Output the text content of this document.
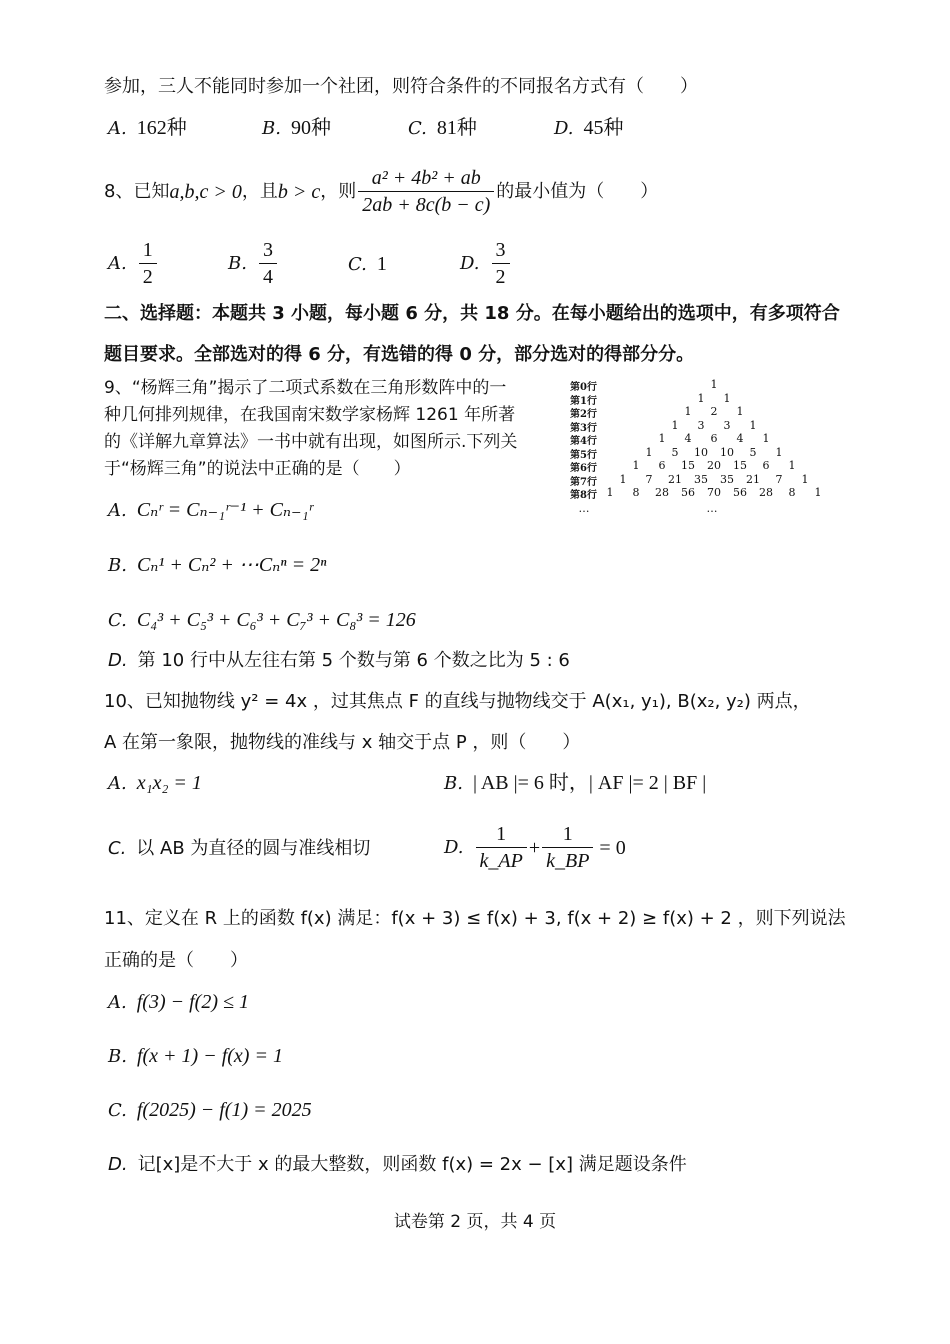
参加，三人不能同时参加一个社团，则符合条件的不同报名方式有（　　）
A. 162种	B. 90种	C. 81种	D. 45种
8、已知 a,b,c > 0 ，且 b > c ，则 $\frac{\text{a² + 4b² + ab}}{2ab + 8c(b - c)}$ 的最小值为（　　）
A. $\frac{1}{2}$	B. $\frac{3}{4}$	C. 1	D. $\frac{3}{2}$
二、选择题：本题共 3 小题，每小题 6 分，共 18 分。在每小题给出的选项中，有多项符合
题目要求。全部选对的得 6 分，有选错的得 0 分，部分选对的得部分分。
9、“杨辉三角”揭示了二项式系数在三角形数阵中的一
种几何排列规律，在我国南宋数学家杨辉 1261 年所著
的《详解九章算法》一书中就有出现，如图所示.下列关
于“杨辉三角”的说法中正确的是（　　）
第0行	1
第1行	1 1
第2行	1 2 1
第3行	1 3 3 1
第4行	1 4 6 4 1
第5行	1 5 10 10 5 1
第6行	1 6 15 20 15 6 1
第7行 1 7 21 35 35 21 7 1
第8行 1 8 28 56 70 56 28 8 1
…	…
A. Cₙʳ = Cₙ₋₁ʳ⁻¹ + Cₙ₋₁ʳ
B. Cₙ¹ + Cₙ² + ⋯Cₙⁿ = 2ⁿ
C. C₄³ + C₅³ + C₆³ + C₇³ + C₈³ = 126
D. 第 10 行中从左往右第 5 个数与第 6 个数之比为 5 : 6
10、已知抛物线 y² = 4x ，过其焦点 F 的直线与抛物线交于 A(x₁, y₁), B(x₂, y₂) 两点，
A 在第一象限，抛物线的准线与 x 轴交于点 P ，则（　　）
A. x₁x₂ = 1	B. | AB |= 6 时，| AF |= 2 | BF |
C. 以 AB 为直径的圆与准线相切	D. $\frac{1}{k\_AP} + \frac{1}{k\_BP} = 0$
11、定义在 R 上的函数 f(x) 满足：f(x + 3) ≤ f(x) + 3, f(x + 2) ≥ f(x) + 2 ，则下列说法
正确的是（　　）
A. f(3) − f(2) ≤ 1
B. f(x + 1) − f(x) = 1
C. f(2025) − f(1) = 2025
D. 记[x]是不大于 x 的最大整数，则函数 f(x) = 2x − [x] 满足题设条件
试卷第 2 页，共 4 页
